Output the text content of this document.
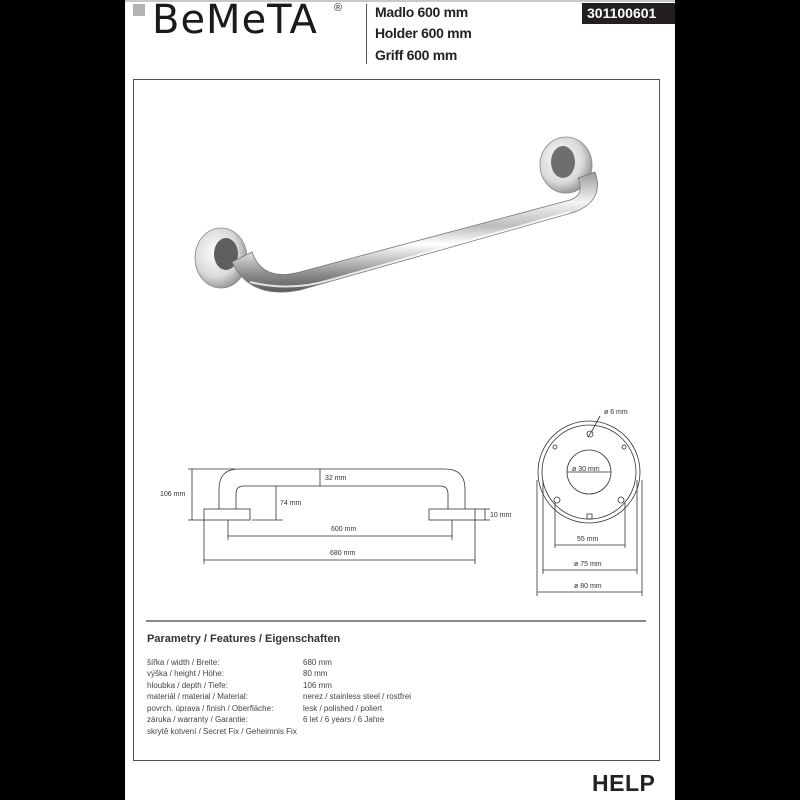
BeMeTA ® Madlo 600 mm
Holder 600 mm
Griff 600 mm
301100601
106 mm
32 mm
74 mm
10 mm
600 mm
680 mm
ø 6 mm
ø 30 mm
55 mm
ø 75 mm
ø 80 mm
Parametry / Features / Eigenschaften
šířka / width / Breite:	680 mm
výška / height / Höhe:	80 mm
hloubka / depth / Tiefe:	106 mm
materiál / material / Material:	nerez / stainless steel / rostfrei
povrch. úprava / finish / Oberfläche:	lesk / polished / poliert
záruka / warranty / Garantie:	6 let / 6 years / 6 Jahre
skrytě kotvení / Secret Fix / Geheimnis Fix
HELP
